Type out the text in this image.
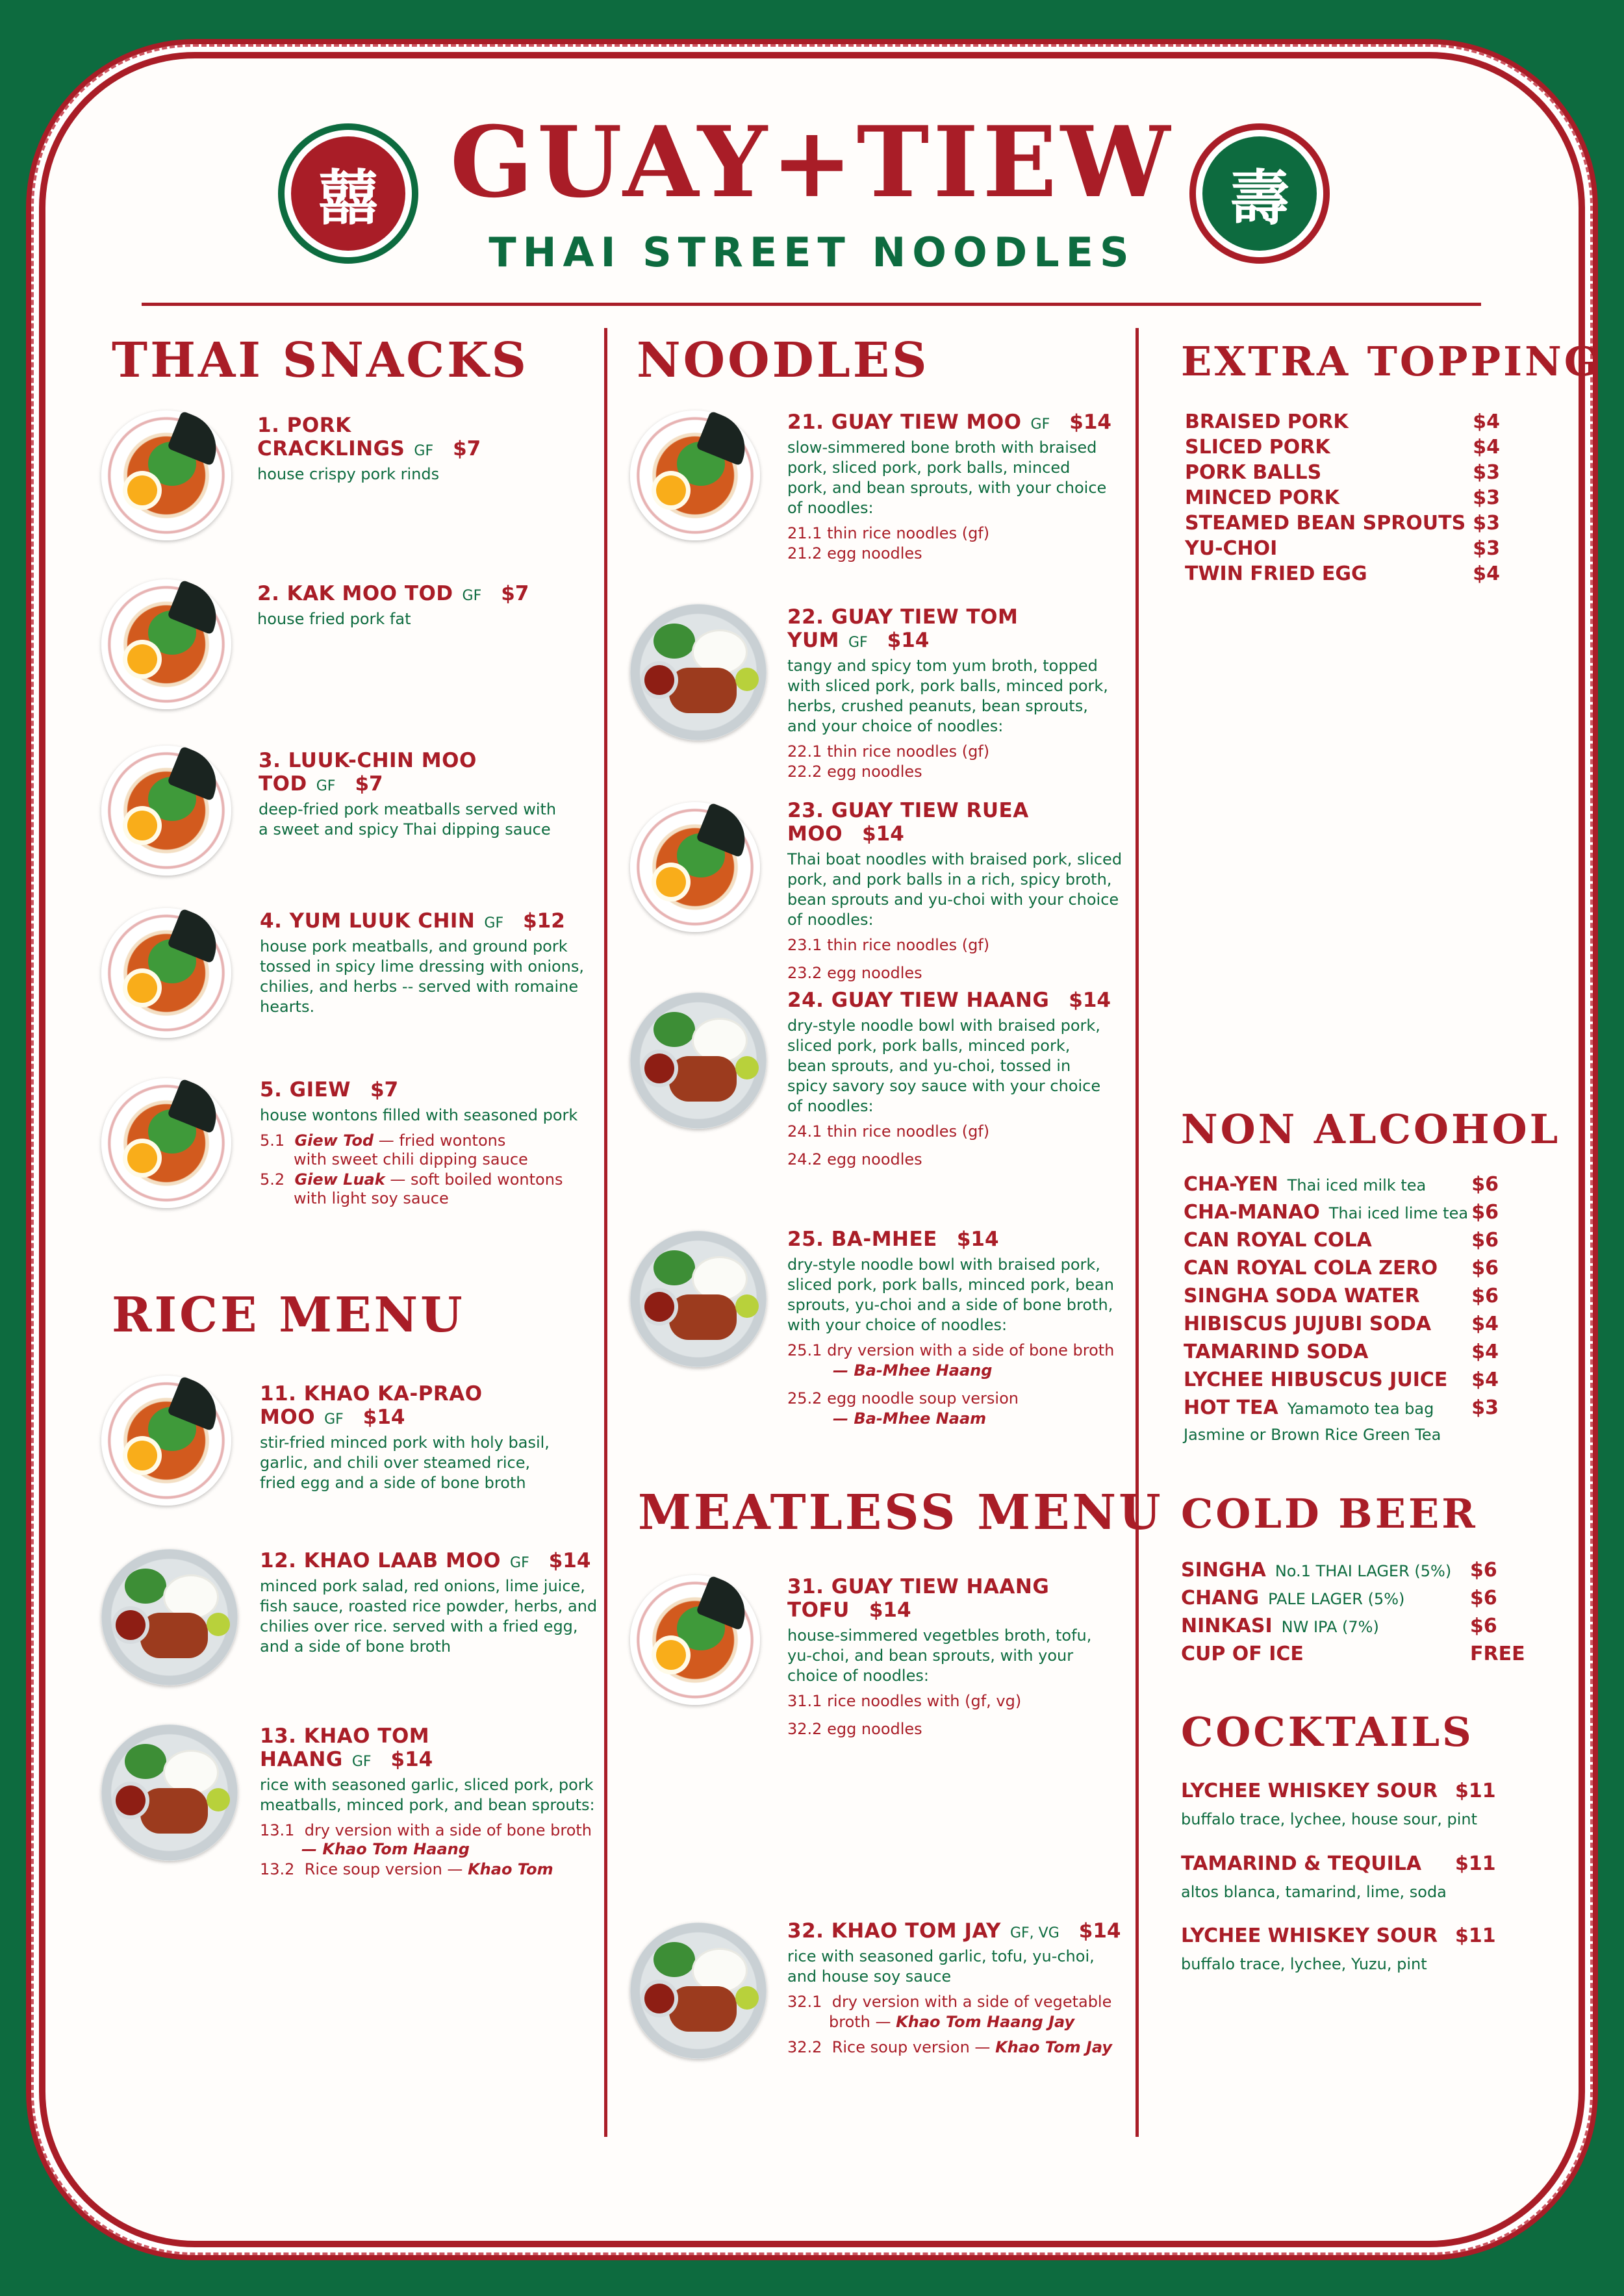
囍	壽
GUAY+TIEW
THAI STREET NOODLES
THAI SNACKS
1. PORK CRACKLINGS GF $7
house crispy pork rinds
2. KAK MOO TOD GF $7
house fried pork fat
3. LUUK-CHIN MOO TOD GF $7
deep-fried pork meatballs served with
a sweet and spicy Thai dipping sauce
4. YUM LUUK CHIN GF $12
house pork meatballs, and ground pork
tossed in spicy lime dressing with onions,
chilies, and herbs -- served with romaine
hearts.
5. GIEW $7
house wontons filled with seasoned pork
5.1 Giew Tod — fried wontons
with sweet chili dipping sauce
5.2 Giew Luak — soft boiled wontons
with light soy sauce
RICE MENU
11. KHAO KA-PRAO MOO GF $14
stir-fried minced pork with holy basil,
garlic, and chili over steamed rice,
fried egg and a side of bone broth
12. KHAO LAAB MOO GF $14
minced pork salad, red onions, lime juice,
fish sauce, roasted rice powder, herbs, and
chilies over rice. served with a fried egg,
and a side of bone broth
13. KHAO TOM HAANG GF $14
rice with seasoned garlic, sliced pork, pork
meatballs, minced pork, and bean sprouts:
13.1 dry version with a side of bone broth
— Khao Tom Haang
13.2 Rice soup version — Khao Tom
NOODLES
21. GUAY TIEW MOO GF $14
slow-simmered bone broth with braised
pork, sliced pork, pork balls, minced
pork, and bean sprouts, with your choice
of noodles:
21.1 thin rice noodles (gf)
21.2 egg noodles
22. GUAY TIEW TOM YUM GF $14
tangy and spicy tom yum broth, topped
with sliced pork, pork balls, minced pork,
herbs, crushed peanuts, bean sprouts,
and your choice of noodles:
22.1 thin rice noodles (gf)
22.2 egg noodles
23. GUAY TIEW RUEA MOO $14
Thai boat noodles with braised pork, sliced
pork, and pork balls in a rich, spicy broth,
bean sprouts and yu-choi with your choice
of noodles:
23.1 thin rice noodles (gf)
23.2 egg noodles
24. GUAY TIEW HAANG $14
dry-style noodle bowl with braised pork,
sliced pork, pork balls, minced pork,
bean sprouts, and yu-choi, tossed in
spicy savory soy sauce with your choice
of noodles:
24.1 thin rice noodles (gf)
24.2 egg noodles
25. BA-MHEE $14
dry-style noodle bowl with braised pork,
sliced pork, pork balls, minced pork, bean
sprouts, yu-choi and a side of bone broth,
with your choice of noodles:
25.1 dry version with a side of bone broth
— Ba-Mhee Haang
25.2 egg noodle soup version
— Ba-Mhee Naam
MEATLESS MENU
31. GUAY TIEW HAANG TOFU $14
house-simmered vegetbles broth, tofu,
yu-choi, and bean sprouts, with your
choice of noodles:
31.1 rice noodles with (gf, vg)
32.2 egg noodles
32. KHAO TOM JAY GF, VG $14
rice with seasoned garlic, tofu, yu-choi,
and house soy sauce
32.1 dry version with a side of vegetable
broth — Khao Tom Haang Jay
32.2 Rice soup version — Khao Tom Jay
EXTRA TOPPING
BRAISED PORK	$4
SLICED PORK	$4
PORK BALLS	$3
MINCED PORK	$3
STEAMED BEAN SPROUTS $3
YU-CHOI	$3
TWIN FRIED EGG	$4
NON ALCOHOL
CHA-YEN Thai iced milk tea $6
CHA-MANAO Thai iced lime tea $6
CAN ROYAL COLA	$6
CAN ROYAL COLA ZERO $6
SINGHA SODA WATER	$6
HIBISCUS JUJUBI SODA $4
TAMARIND SODA	$4
LYCHEE HIBUSCUS JUICE $4
HOT TEA Yamamoto tea bag $3
Jasmine or Brown Rice Green Tea
COLD BEER
SINGHA No.1 THAI LAGER (5%) $6
CHANG PALE LAGER (5%)	$6
NINKASI NW IPA (7%)	$6
CUP OF ICE	FREE
COCKTAILS
LYCHEE WHISKEY SOUR $11
buffalo trace, lychee, house sour, pint
TAMARIND & TEQUILA $11
altos blanca, tamarind, lime, soda
LYCHEE WHISKEY SOUR $11
buffalo trace, lychee, Yuzu, pint
